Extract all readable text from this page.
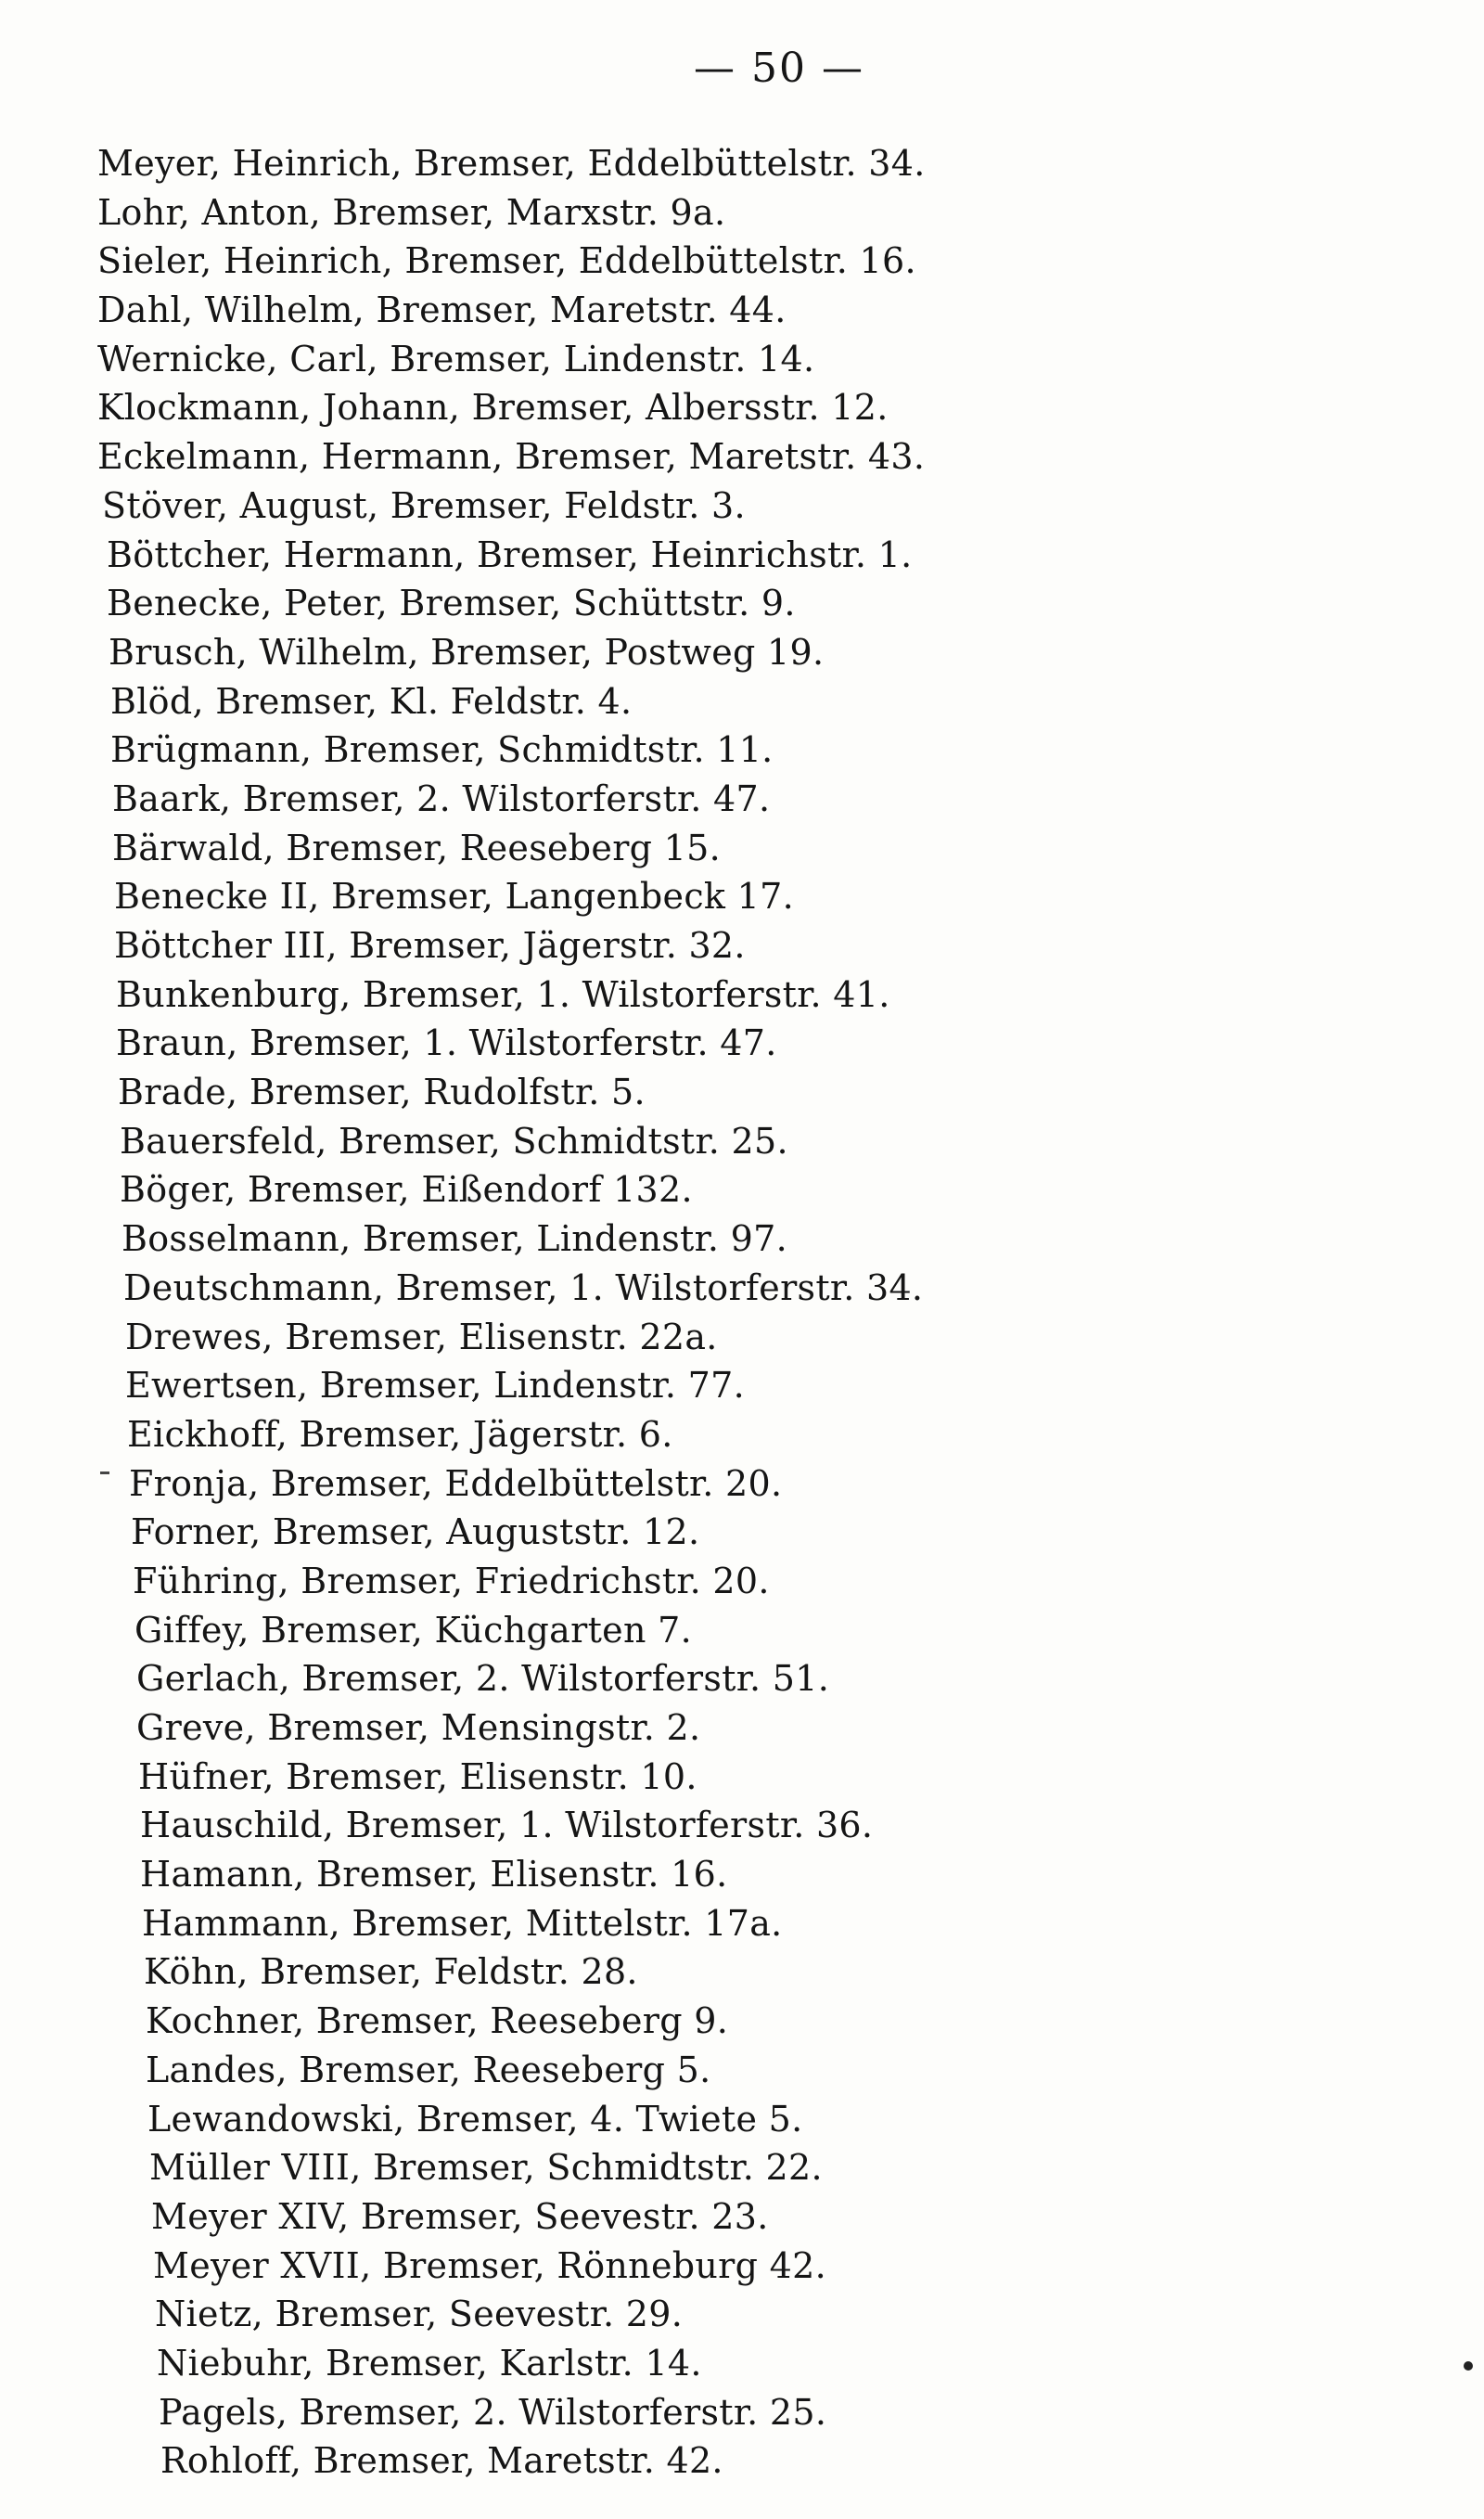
— 50 —
Meyer, Heinrich, Bremser, Eddelbüttelstr. 34.
Lohr, Anton, Bremser, Marxstr. 9a.
Sieler, Heinrich, Bremser, Eddelbüttelstr. 16.
Dahl, Wilhelm, Bremser, Maretstr. 44.
Wernicke, Carl, Bremser, Lindenstr. 14.
Klockmann, Johann, Bremser, Albersstr. 12.
Eckelmann, Hermann, Bremser, Maretstr. 43.
Stöver, August, Bremser, Feldstr. 3.
Böttcher, Hermann, Bremser, Heinrichstr. 1.
Benecke, Peter, Bremser, Schüttstr. 9.
Brusch, Wilhelm, Bremser, Postweg 19.
Blöd, Bremser, Kl. Feldstr. 4.
Brügmann, Bremser, Schmidtstr. 11.
Baark, Bremser, 2. Wilstorferstr. 47.
Bärwald, Bremser, Reeseberg 15.
Benecke II, Bremser, Langenbeck 17.
Böttcher III, Bremser, Jägerstr. 32.
Bunkenburg, Bremser, 1. Wilstorferstr. 41.
Braun, Bremser, 1. Wilstorferstr. 47.
Brade, Bremser, Rudolfstr. 5.
Bauersfeld, Bremser, Schmidtstr. 25.
Böger, Bremser, Eißendorf 132.
Bosselmann, Bremser, Lindenstr. 97.
Deutschmann, Bremser, 1. Wilstorferstr. 34.
Drewes, Bremser, Elisenstr. 22a.
Ewertsen, Bremser, Lindenstr. 77.
Eickhoff, Bremser, Jägerstr. 6.
Fronja, Bremser, Eddelbüttelstr. 20.
Forner, Bremser, Auguststr. 12.
Führing, Bremser, Friedrichstr. 20.
Giffey, Bremser, Küchgarten 7.
Gerlach, Bremser, 2. Wilstorferstr. 51.
Greve, Bremser, Mensingstr. 2.
Hüfner, Bremser, Elisenstr. 10.
Hauschild, Bremser, 1. Wilstorferstr. 36.
Hamann, Bremser, Elisenstr. 16.
Hammann, Bremser, Mittelstr. 17a.
Köhn, Bremser, Feldstr. 28.
Kochner, Bremser, Reeseberg 9.
Landes, Bremser, Reeseberg 5.
Lewandowski, Bremser, 4. Twiete 5.
Müller VIII, Bremser, Schmidtstr. 22.
Meyer XIV, Bremser, Seevestr. 23.
Meyer XVII, Bremser, Rönneburg 42.
Nietz, Bremser, Seevestr. 29.
Niebuhr, Bremser, Karlstr. 14.
Pagels, Bremser, 2. Wilstorferstr. 25.
Rohloff, Bremser, Maretstr. 42.
